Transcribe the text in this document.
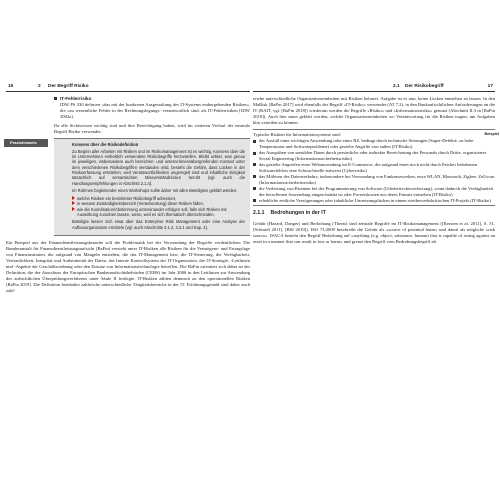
16	2 Der Begriff Risiko
IT-Fehlerrisiko

IDW PS 330 definiert »das mit der konkreten Ausgestaltung des IT-Systems einhergehenden Risiken«, die »zu wesentliche Fehler in der Rechnungslegungs- verantwortlich sind, als IT-Fehlerrisiken [IDW 2002a].

Da alle Sichtweisen wichtig sind und ihre Berechtigung haben, wird im weiteren Verlauf der neutrale Begriff Risiko verwendet.

Praxishinweis	Konsens über die Risikodefinition

Zu Beginn aller Arbeiten mit Risiken und im Risikomanagement ist es wichtig, Konsens über die im Unternehmen einheitlich verwendete Risikobegriffe herzustellen. Bleibt unklar, was genau im jeweiligen, insbesondere auch bereichen- und unternehmensübergreifenden Kontext unter dem verschiedenen Risikobegriffen verstanden wird, besteht die Gefahr, dass Lücken in der Risikoerfassung entstehen, weil Verantwortlichkeiten ungeregelt sind und inhaltliche Einigkeit tatsächlich auf semantischen Missverständnissen beruht (vgl. auch die Handlungsempfehlungen in Abschnitt 2.1.4).

Im Rahmen begleitender eines Workshops sollte daher mit allen Beteiligten geklärt werden,

welche Risiken ein bestimmter Risikobegriff adressiert,
in wessen Zuständigkeitsbereich (Verantwortung) diese Risiken fallen,
wie die Koordination/Abstimmung untereinander erfolgen soll, falls sich Risiken mit Auswirkung zuordnen lassen, wenn, weil es sich thematisch überschneiden.

Beteiligte lassen sich etwa über das Enterprise Risk Management oder eine Analyse der Aufbauorganisation ermitteln (vgl. auch Abschnitte 3.1.2, 3.2.1 und Kap. 4).

Ein Beispiel aus der Finanzdienstleistungsbranche soll die Problematik bei der Verwendung der Begriffe verdeutlichen: Die Bundesanstalt für Finanzdienstleistungsaufsicht (BaFin) versteht unter IT-Risiken alle Risiken für die Vermögens- und Ertragslage von Finanzinstituten, die aufgrund von Mängeln entstehen, die das IT-Management bzw. die IT-Steuerung, die Verfügbarkeit, Vertraulichkeit, Integrität und Authentizität der Daten, das Interne Kontrollsystem der IT-Organisation, die IT-Strategie, -Leitlinien und -Aspekte der Geschäftsordnung oder den Einsatz von Informationstechnologie betreffen. Die BaFin orientiert sich dabei an der Definition, die der Ausschuss der Europäischen Bankenaufsichtsbehörden (CEBS) im Jahr 2006 in den Leitlinien zur Anwendung des aufsichtlichen Überprüfungsverfahrens unter Säule II festlegte. IT-Risiken zählen demnach zu den operationellen Risiken [BaFin 2019]. Die Definition beinhaltet zahlreiche unterschiedliche Tätigkeitsbereiche in der IT. Erfahrungsgemäß sind daher auch zahl-

2.1 Der Risikobegriff	17

reiche unterschiedliche Organisationseinheiten mit Risiken belastet. Aufgabe ist es nun, keine Lücken entstehen zu lassen. In den MaRisk [BaFin 2017] wird ebenfalls der Begriff »IT-Risiko« verwendet (AT 7.2), in den Bankaufsichtlichen Anforderungen an die IT (BAIT, vgl. [BaFin 2018]) wiederum werden die Begriffe »Risiko« und »Informationsrisiko« genutzt (Abschnitt II.3 in [BaFin 2018]). Auch hier muss geklärt werden, welche Organisationseinheiten wo Verantwortung für die Risiken tragen, um Aufgaben klar verteilen zu können.

Beispiel
Typische Risiken für Informationssysteme sind:
der Ausfall einer wichtigen Anwendung oder eines RZ, bedingt durch technische Störungen (Super-Defekte, zu hohe Temperaturen und Softwareprobleme) oder gezielte Angriffe von außen (IT-Risiko)
das Ausspähen von sensiblen Daten durch persönliche oder indirekte Bereicherung des Personals durch Dritte, organisiertes Social Engineering (Informationssicherheitsrisiko)
das gezielte Angreifen einer Webanwendung im E-Commerce, die aufgrund eines noch nicht durch Patches behobenen Softwarefehlers eine Schwachstelle aufweist (Cyberrisiko)
das Mitlesen des Datenverkehrs, insbesondere bei Verwendung von Funknetzwerken, etwa WLAN, Bluetooth, Zigbee, ZeUscan (Informationssicherheitsrisiko)
die Verletzung von Patenten bei der Programmierung von Software (Urheberrechtsverletzung), wenn dadurch die Verfügbarkeit der betroffenen Anwendung eingeschränkt ist oder Prozesskosten aus deren Einsatz entstehen (IT-Risiko)
erhebliche zeitliche Verzögerungen oder inhaltliche Umsetzungslücken in einem wettbewerbskritischen IT-Projekt (IT-Risiko)
2.1.1 Bedrohungen in der IT

Gefahr (Hazard, Danger) und Bedrohung (Threat) sind zentrale Begriffe im IT-Risikomanagement ([Kersten et al. 2011], S. 51, [Schmidt 2011], [BSI 2019]). ISO 73:2009 beschreibt die Gefahr als »source of potential harm« und damit als mögliche »risk source«. ISACA bezieht den Begriff Bedrohung auf »anything (e.g. object, substance, human) that is capable of acting against an asset in a manner that can result in loss or harm« und grenzt den Begriff vom Bedrohungsbegriff ab.
